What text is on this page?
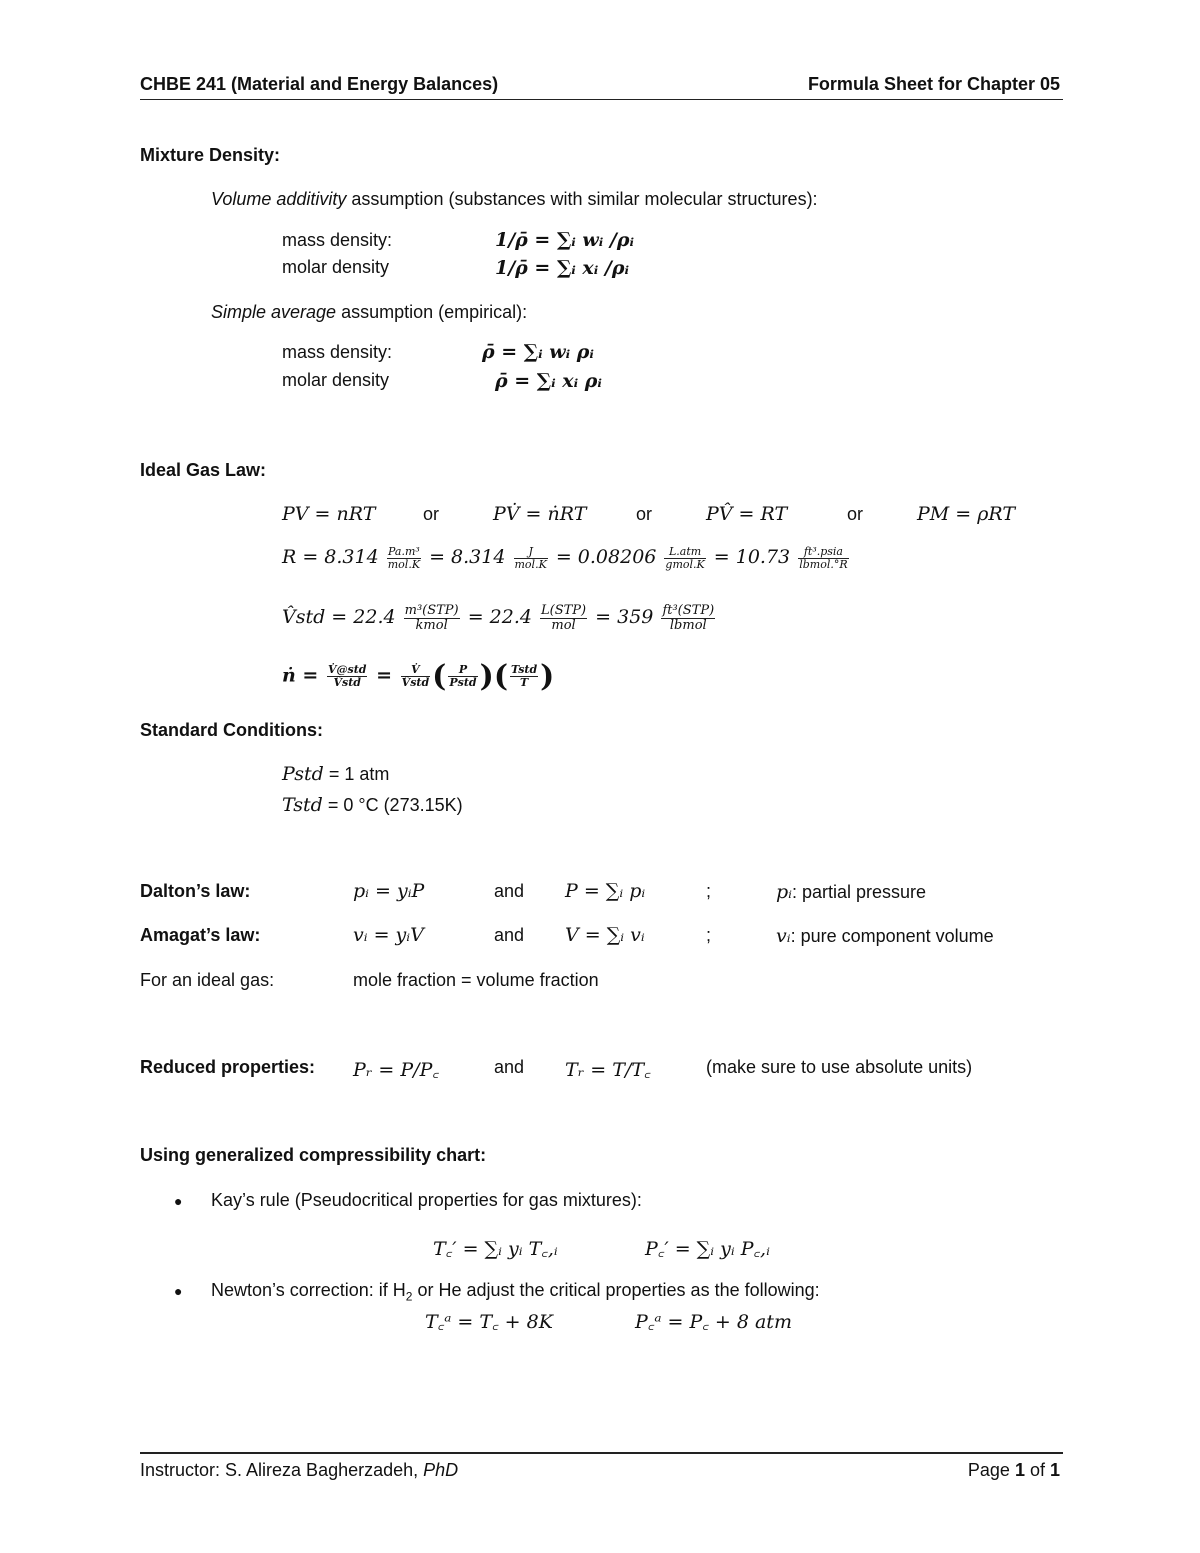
CHBE 241 (Material and Energy Balances)	Formula Sheet for Chapter 05
Mixture Density:
Volume additivity assumption (substances with similar molecular structures):
mass density:	1/ρ̄ = ∑ᵢ wᵢ /ρᵢ
molar density	1/ρ̄ = ∑ᵢ xᵢ /ρᵢ
Simple average assumption (empirical):
mass density:	ρ̄ = ∑ᵢ wᵢ ρᵢ
molar density	ρ̄ = ∑ᵢ xᵢ ρᵢ
Ideal Gas Law:
PV = nRT	or	PV̇ = ṅRT	or	PV̂ = RT	or	PM = ρRT
$R = 8.314 \frac{\text{Pa.m³}}{\text{mol.K}} = 8.314 \frac{J}{\text{mol.K}} = 0.08206 \frac{\text{L.atm}}{\text{gmol.K}} = 10.73 \frac{\text{ft³.psia}}{\text{lbmol.°R}}$
V̂std = $22.4 \frac{\text{m³(STP)}}{\text{kmol}} = 22.4 \frac{\text{L(STP)}}{\text{mol}} = 359 \frac{\text{ft³(STP)}}{\text{lbmol}}$
ṅ = $\frac{\text{V̇@std}}{\text{V̂std}} = \frac{V̇}{\text{V̂std}}$ ( $\frac{P}{\text{Pstd}}$ )( $\frac{\text{Tstd}}{T}$ )
Standard Conditions:
Pstd = 1 atm
Tstd = 0 °C (273.15K)
Dalton’s law:	pᵢ = yᵢP	and P = ∑ᵢ pᵢ	;	pᵢ: partial pressure
Amagat’s law:	vᵢ = yᵢV	and V = ∑ᵢ vᵢ	;	vᵢ: pure component volume
For an ideal gas:	mole fraction = volume fraction
Reduced properties: Pᵣ = P/P꜀	and Tᵣ = T/T꜀	(make sure to use absolute units)
Using generalized compressibility chart:
● Kay’s rule (Pseudocritical properties for gas mixtures):
T꜀′ = ∑ᵢ yᵢ T꜀,ᵢ	P꜀′ = ∑ᵢ yᵢ P꜀,ᵢ
● Newton’s correction: if $H_2$ or He adjust the critical properties as the following:
T꜀ᵃ = T꜀ + 8K	P꜀ᵃ = P꜀ + 8 atm
Instructor: S. Alireza Bagherzadeh, PhD	Page 1 of 1
